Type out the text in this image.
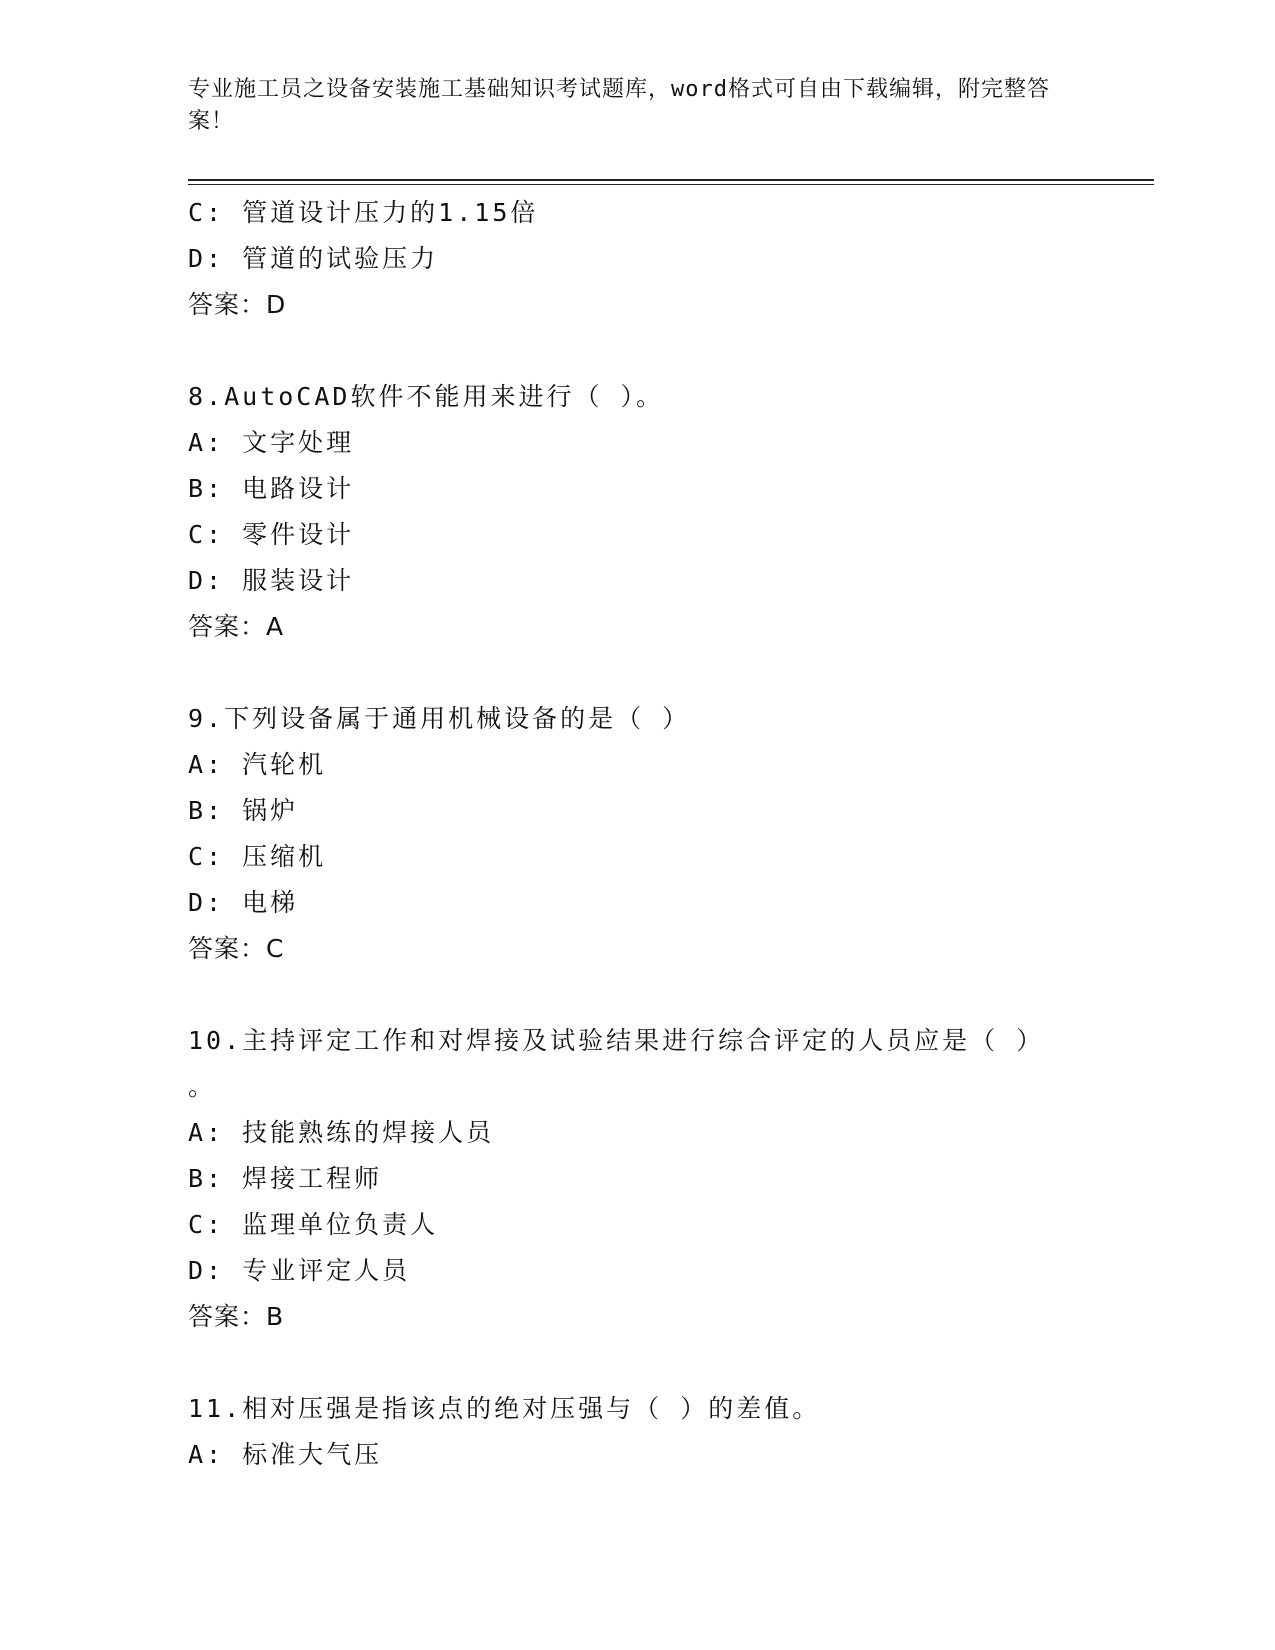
专业施工员之设备安装施工基础知识考试题库，word格式可自由下载编辑，附完整答案！
C: 管道设计压力的1.15倍
D: 管道的试验压力
答案：D
8.AutoCAD软件不能用来进行（ ）。
A: 文字处理
B: 电路设计
C: 零件设计
D: 服装设计
答案：A
9.下列设备属于通用机械设备的是（ ）
A: 汽轮机
B: 锅炉
C: 压缩机
D: 电梯
答案：C
10.主持评定工作和对焊接及试验结果进行综合评定的人员应是（ ）
。
A: 技能熟练的焊接人员
B: 焊接工程师
C: 监理单位负责人
D: 专业评定人员
答案：B
11.相对压强是指该点的绝对压强与（ ）的差值。
A: 标准大气压
